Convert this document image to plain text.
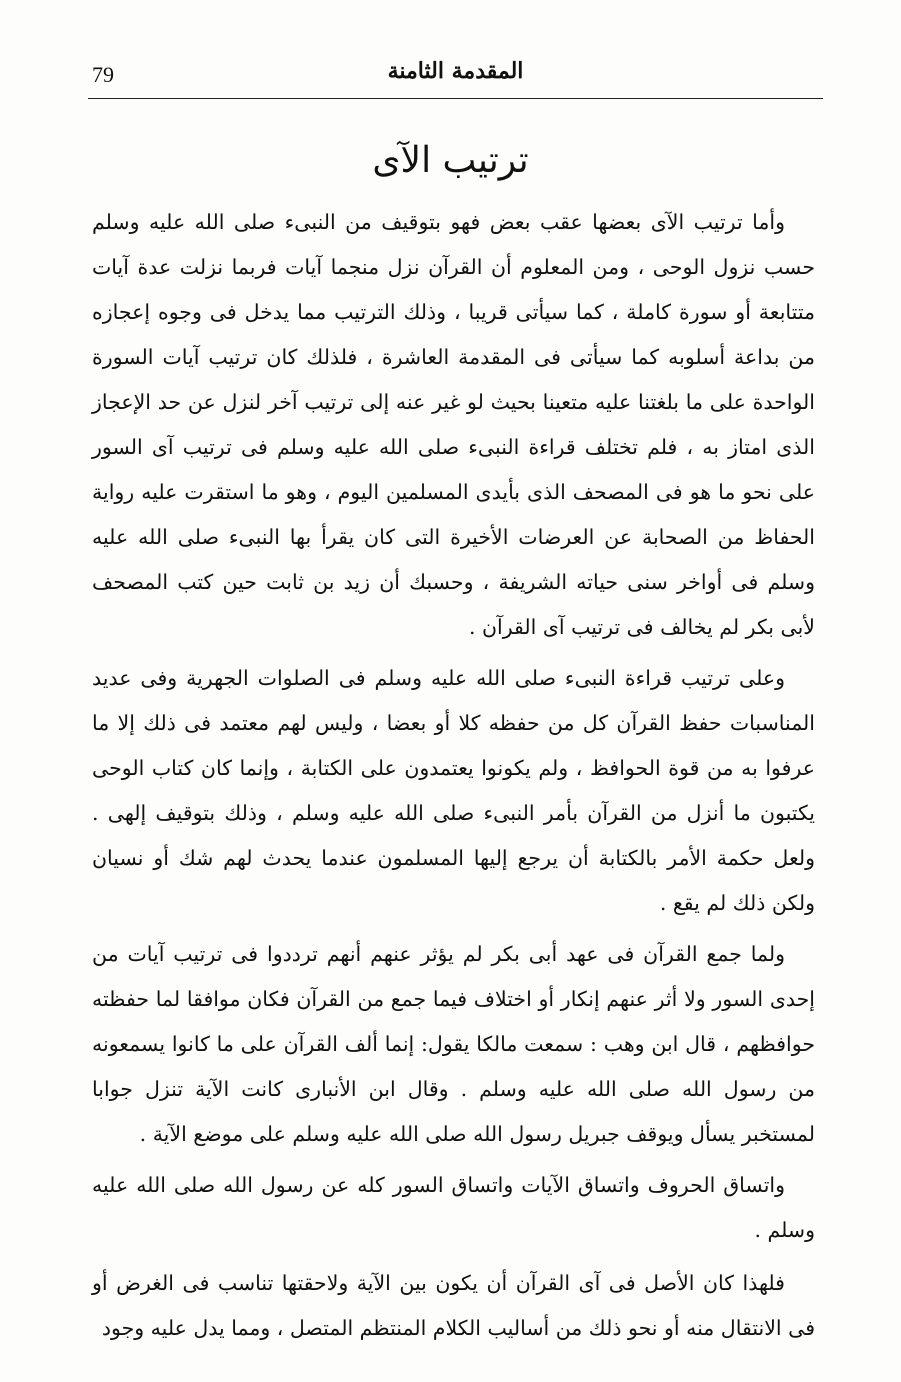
79	المقدمة الثامنة
ترتيب الآى

وأما ترتيب الآى بعضها عقب بعض فهو بتوقيف من النبىء صلى الله عليه وسلم حسب نزول الوحى ، ومن المعلوم أن القرآن نزل منجما آيات فربما نزلت عدة آيات متتابعة أو سورة كاملة ، كما سيأتى قريبا ، وذلك الترتيب مما يدخل فى وجوه إعجازه من بداعة أسلوبه كما سيأتى فى المقدمة العاشرة ، فلذلك كان ترتيب آيات السورة الواحدة على ما بلغتنا عليه متعينا بحيث لو غير عنه إلى ترتيب آخر لنزل عن حد الإعجاز الذى امتاز به ، فلم تختلف قراءة النبىء صلى الله عليه وسلم فى ترتيب آى السور على نحو ما هو فى المصحف الذى بأيدى المسلمين اليوم ، وهو ما استقرت عليه رواية الحفاظ من الصحابة عن العرضات الأخيرة التى كان يقرأ بها النبىء صلى الله عليه وسلم فى أواخر سنى حياته الشريفة ، وحسبك أن زيد بن ثابت حين كتب المصحف لأبى بكر لم يخالف فى ترتيب آى القرآن .

وعلى ترتيب قراءة النبىء صلى الله عليه وسلم فى الصلوات الجهرية وفى عديد المناسبات حفظ القرآن كل من حفظه كلا أو بعضا ، وليس لهم معتمد فى ذلك إلا ما عرفوا به من قوة الحوافظ ، ولم يكونوا يعتمدون على الكتابة ، وإنما كان كتاب الوحى يكتبون ما أنزل من القرآن بأمر النبىء صلى الله عليه وسلم ، وذلك بتوقيف إلهى . ولعل حكمة الأمر بالكتابة أن يرجع إليها المسلمون عندما يحدث لهم شك أو نسيان ولكن ذلك لم يقع .

ولما جمع القرآن فى عهد أبى بكر لم يؤثر عنهم أنهم ترددوا فى ترتيب آيات من إحدى السور ولا أثر عنهم إنكار أو اختلاف فيما جمع من القرآن فكان موافقا لما حفظته حوافظهم ، قال ابن وهب : سمعت مالكا يقول: إنما ألف القرآن على ما كانوا يسمعونه من رسول الله صلى الله عليه وسلم . وقال ابن الأنبارى كانت الآية تنزل جوابا لمستخبر يسأل ويوقف جبريل رسول الله صلى الله عليه وسلم على موضع الآية .

واتساق الحروف واتساق الآيات واتساق السور كله عن رسول الله صلى الله عليه وسلم .

فلهذا كان الأصل فى آى القرآن أن يكون بين الآية ولاحقتها تناسب فى الغرض أو فى الانتقال منه أو نحو ذلك من أساليب الكلام المنتظم المتصل ، ومما يدل عليه وجود
